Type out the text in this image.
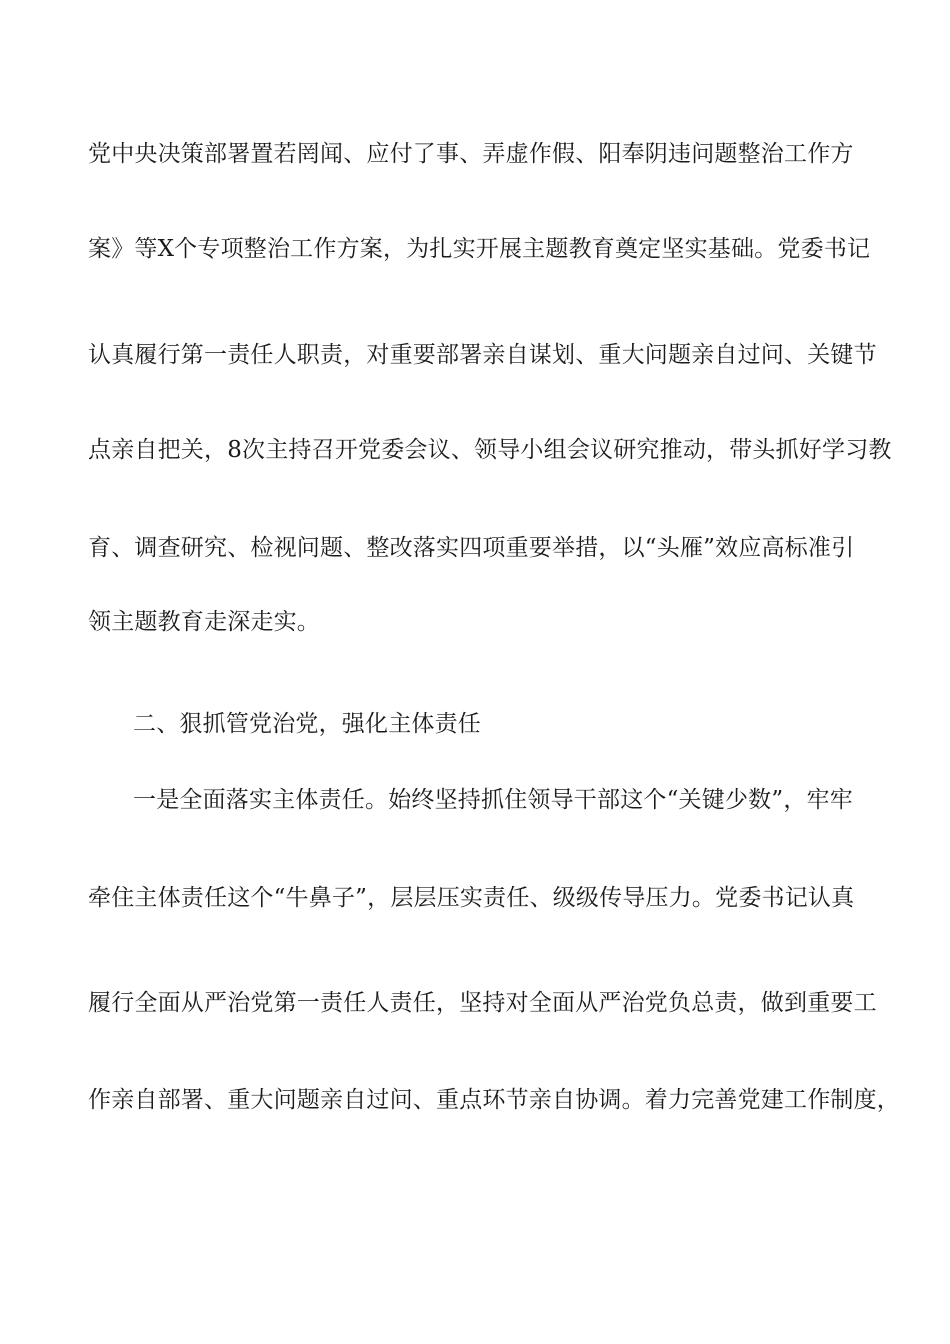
党中央决策部署置若罔闻、应付了事、弄虚作假、阳奉阴违问题整治工作方
案》等X个专项整治工作方案，为扎实开展主题教育奠定坚实基础。党委书记
认真履行第一责任人职责，对重要部署亲自谋划、重大问题亲自过问、关键节
点亲自把关，8次主持召开党委会议、领导小组会议研究推动，带头抓好学习教
育、调查研究、检视问题、整改落实四项重要举措，以“头雁”效应高标准引
领主题教育走深走实。
二、狠抓管党治党，强化主体责任
一是全面落实主体责任。始终坚持抓住领导干部这个“关键少数”，牢牢
牵住主体责任这个“牛鼻子”，层层压实责任、级级传导压力。党委书记认真
履行全面从严治党第一责任人责任，坚持对全面从严治党负总责，做到重要工
作亲自部署、重大问题亲自过问、重点环节亲自协调。着力完善党建工作制度，
